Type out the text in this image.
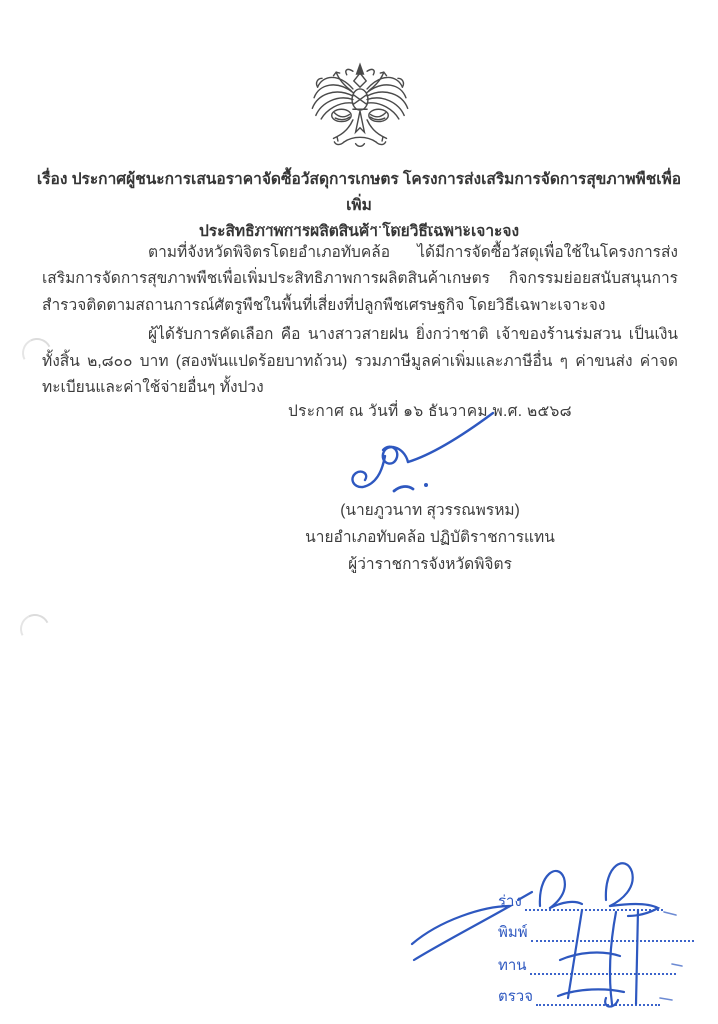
เรื่อง ประกาศผู้ชนะการเสนอราคาจัดซื้อวัสดุการเกษตร โครงการส่งเสริมการจัดการสุขภาพพืชเพื่อเพิ่ม
ประสิทธิภาพการผลิตสินค้า โดยวิธีเฉพาะเจาะจง

ตามที่จังหวัดพิจิตรโดยอำเภอทับคล้อ ได้มีการจัดซื้อวัสดุเพื่อใช้ในโครงการส่งเสริมการจัดการสุขภาพพืชเพื่อเพิ่มประสิทธิภาพการผลิตสินค้าเกษตร กิจกรรมย่อยสนับสนุนการสำรวจติดตามสถานการณ์ศัตรูพืชในพื้นที่เสี่ยงที่ปลูกพืชเศรษฐกิจ โดยวิธีเฉพาะเจาะจง

ผู้ได้รับการคัดเลือก คือ นางสาวสายฝน ยิ่งกว่าชาติ เจ้าของร้านร่มสวน เป็นเงินทั้งสิ้น ๒,๘๐๐ บาท (สองพันแปดร้อยบาทถ้วน) รวมภาษีมูลค่าเพิ่มและภาษีอื่น ๆ ค่าขนส่ง ค่าจดทะเบียนและค่าใช้จ่ายอื่นๆ ทั้งปวง

ประกาศ ณ วันที่ ๑๖ ธันวาคม พ.ศ. ๒๕๖๘
(นายภูวนาท สุวรรณพรหม)
นายอำเภอทับคล้อ ปฏิบัติราชการแทน
ผู้ว่าราชการจังหวัดพิจิตร
ร่าง
พิมพ์
ทาน
ตรวจ
